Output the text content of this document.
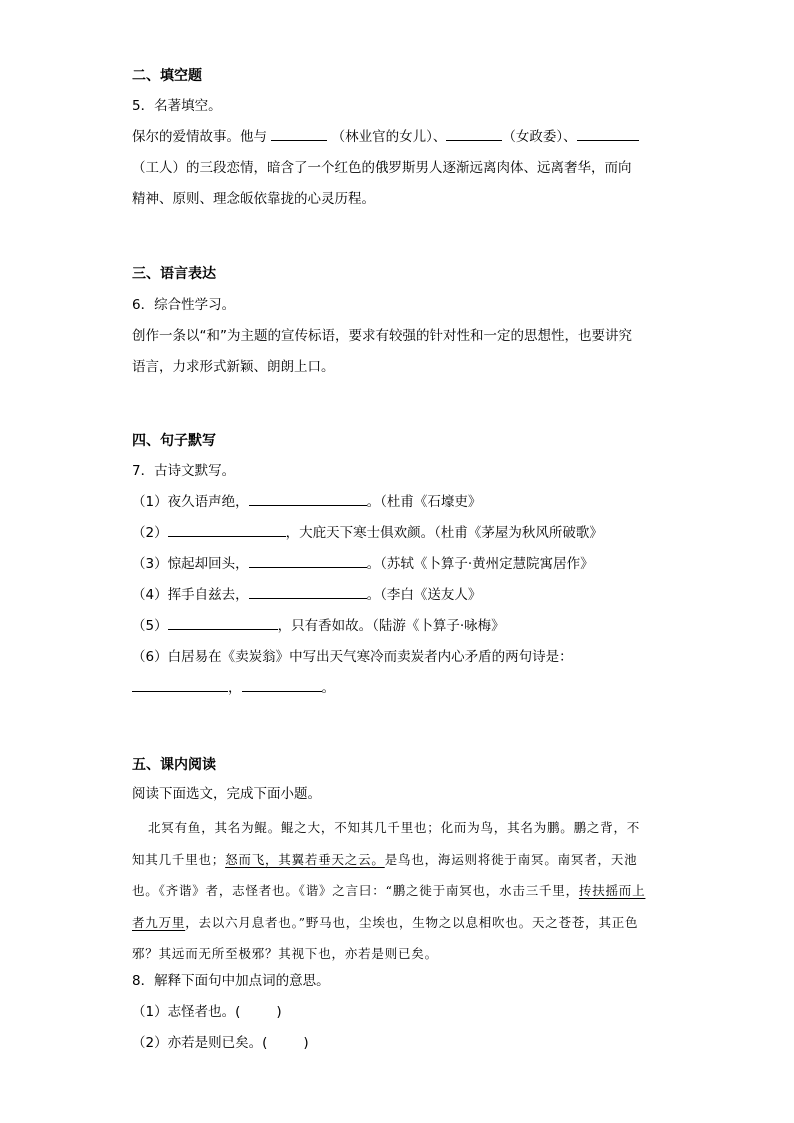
二、填空题
5．名著填空。
保尔的爱情故事。他与	（林业官的女儿）、	（女政委）、
（工人）的三段恋情，暗含了一个红色的俄罗斯男人逐渐远离肉体、远离奢华，而向
精神、原则、理念皈依靠拢的心灵历程。
三、语言表达
6．综合性学习。
创作一条以“和”为主题的宣传标语，要求有较强的针对性和一定的思想性，也要讲究
语言，力求形式新颖、朗朗上口。
四、句子默写
7．古诗文默写。
（1）夜久语声绝，	。（杜甫《石壕吏》
（2）	，大庇天下寒士俱欢颜。（杜甫《茅屋为秋风所破歌》
（3）惊起却回头，	。（苏轼《卜算子·黄州定慧院寓居作》
（4）挥手自兹去，	。（李白《送友人》
（5）	，只有香如故。（陆游《卜算子·咏梅》
（6）白居易在《卖炭翁》中写出天气寒冷而卖炭者内心矛盾的两句诗是：
，	。
五、课内阅读
阅读下面选文，完成下面小题。
北冥有鱼，其名为鲲。鲲之大，不知其几千里也；化而为鸟，其名为鹏。鹏之背，不知其几千里也；怒而飞，其翼若垂天之云。是鸟也，海运则将徙于南冥。南冥者，天池也。《齐谐》者，志怪者也。《谐》之言曰：“鹏之徙于南冥也，水击三千里，抟扶摇而上者九万里，去以六月息者也。”野马也，尘埃也，生物之以息相吹也。天之苍苍，其正色邪？其远而无所至极邪？其视下也，亦若是则已矣。
8．解释下面句中加点词的意思。
（1）志怪者也。(	)
（2）亦若是则已矣。(	)
